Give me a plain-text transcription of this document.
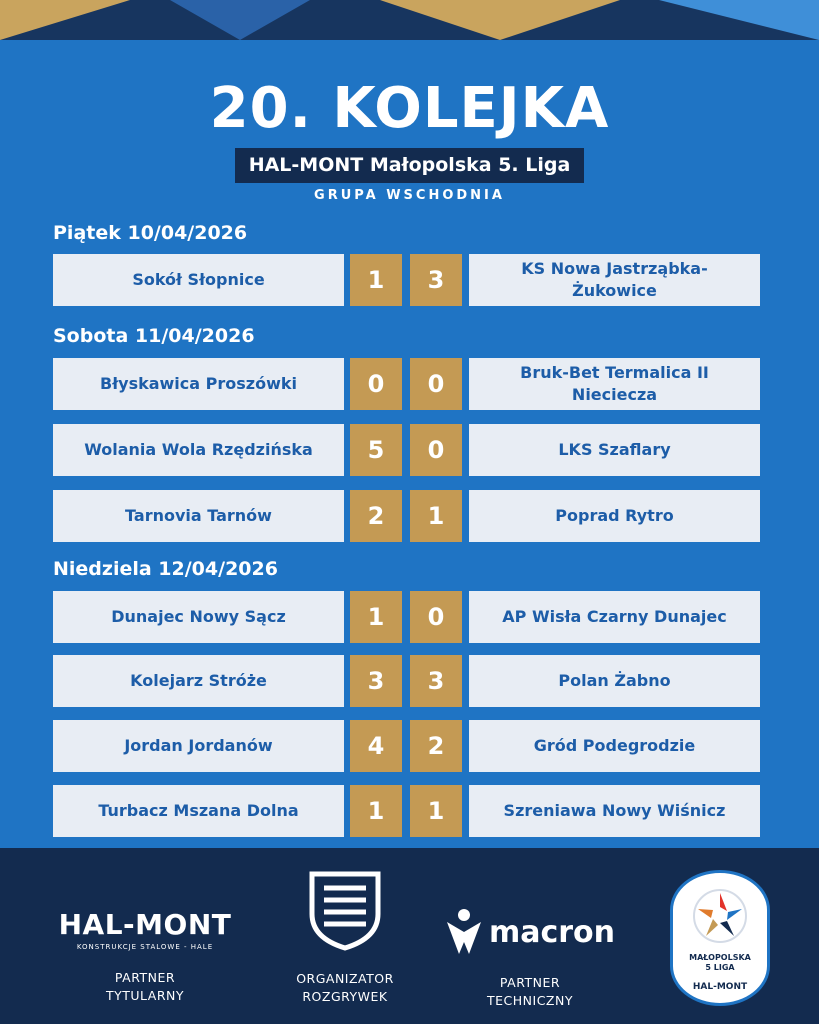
20. KOLEJKA
HAL-MONT Małopolska 5. Liga
GRUPA WSCHODNIA
Piątek 10/04/2026
Sokół Słopnice	1	3	KS Nowa Jastrząbka-Żukowice
Sobota 11/04/2026
Błyskawica Proszówki	0	0	Bruk-Bet Termalica II Nieciecza
Wolania Wola Rzędzińska	5	0	LKS Szaflary
Tarnovia Tarnów	2	1	Poprad Rytro
Niedziela 12/04/2026
Dunajec Nowy Sącz	1	0	AP Wisła Czarny Dunajec
Kolejarz Stróże	3	3	Polan Żabno
Jordan Jordanów	4	2	Gród Podegrodzie
Turbacz Mszana Dolna	1	1	Szreniawa Nowy Wiśnicz
HAL-MONT
KONSTRUKCJE STALOWE - HALE
PARTNER
TYTULARNY
ORGANIZATOR
ROZGRYWEK
macron
PARTNER
TECHNICZNY
MAŁOPOLSKA
5 LIGA
HAL-MONT
